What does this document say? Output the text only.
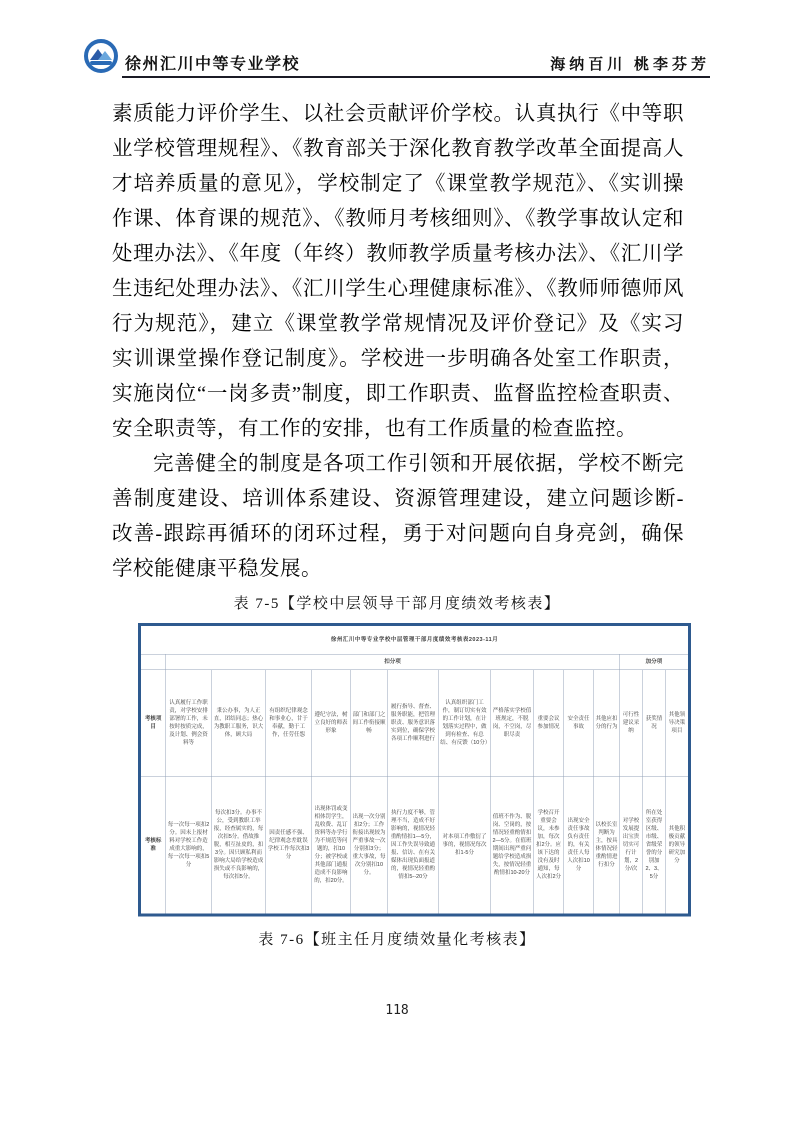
徐州汇川中等专业学校	海纳百川 桃李芬芳

素质能力评价学生、以社会贡献评价学校。认真执行《中等职业学校管理规程》、《教育部关于深化教育教学改革全面提高人才培养质量的意见》，学校制定了《课堂教学规范》、《实训操作课、体育课的规范》、《教师月考核细则》、《教学事故认定和处理办法》、《年度（年终）教师教学质量考核办法》、《汇川学生违纪处理办法》、《汇川学生心理健康标准》、《教师师德师风行为规范》，建立《课堂教学常规情况及评价登记》及《实习实训课堂操作登记制度》。学校进一步明确各处室工作职责，实施岗位“一岗多责”制度，即工作职责、监督监控检查职责、安全职责等，有工作的安排，也有工作质量的检查监控。

完善健全的制度是各项工作引领和开展依据，学校不断完善制度建设、培训体系建设、资源管理建设，建立问题诊断-改善-跟踪再循环的闭环过程，勇于对问题向自身亮剑，确保学校能健康平稳发展。

表 7-5【学校中层领导干部月度绩效考核表】
徐州汇川中等专业学校中层管理干部月度绩效考核表2023-11月														
	扣分项											加分项		
考核项目	认真履行工作职责，对学校安排部署的工作，未按时按质完成，及计划、例会资料等	秉公办事，为人正直，团结同志；热心为教职工服务，识大体，顾大局	有组织纪律观念和事业心，甘于奉献，勤于工作，任劳任怨	遵纪守法，树立良好的师表形象	部门和部门之间工作衔接顺畅	履行指导、督查、服务职能，把管理职责、服务意识落实到位，确保学校各项工作顺利进行	认真组织部门工作，制订切实有效的工作计划，在计划落实过程中，做到有检查、有总结、有反馈（10分）	严格落实学校值班规定，不脱岗，不空岗，尽职尽责	重要会议参加情况	安全责任事故	其他应扣分的行为	可行性建议采纳	获奖情况	其他领导决策项目
考核标准	每一次每一项扣2分。因未上报材料对学校工作造成重大影响的，每一次每一项扣5分	每次扣3分。办事不公，受到教职工举报，经查属实的，每次扣5分。借故推脱，相互扯皮的，扣3分。因只顾私利而影响大局给学校造成损失或不良影响的，每次扣5分。	因责任感不强、纪律观念差耽误学校工作每次扣3分	出现体罚或变相体罚学生，乱收费、乱订资料等办学行为不规范等问题的，扣10分；被学校或其他部门通报造成不良影响的，扣20分。	出现一次分别扣2分；工作衔接出现较为严重事故一次分别扣3分；重大事故，每次分别扣10分。	执行力度不够，管理不当，造成不好影响的，视情况轻重酌情扣1—5分，因工作失误导致通报、信访、在有关媒体出现负面报道的，视情况轻重酌情扣5--20分	对本项工作敷衍了事的，视情况每次扣1-5分	值班不作为、脱岗、空岗的，按情况轻重酌情扣2—5分。在值班期间出现严重问题给学校造成损失，按情况轻重酌情扣10-20分	学校召开重要会议，未参加，每次扣2分。应该下达的没有及时通知，每人次扣2分	出现安全责任事故负有责任的，有关责任人每人次扣10分	以校长室判断为主，按具体情况轻重酌情进行扣分	对学校发展提出宝贵切实可行计划，2分/次	所在处室获得区级、市级、省级荣誉的分别加2、3、5分	其他积极贡献的领导研究加分
表 7-6【班主任月度绩效量化考核表】
118
